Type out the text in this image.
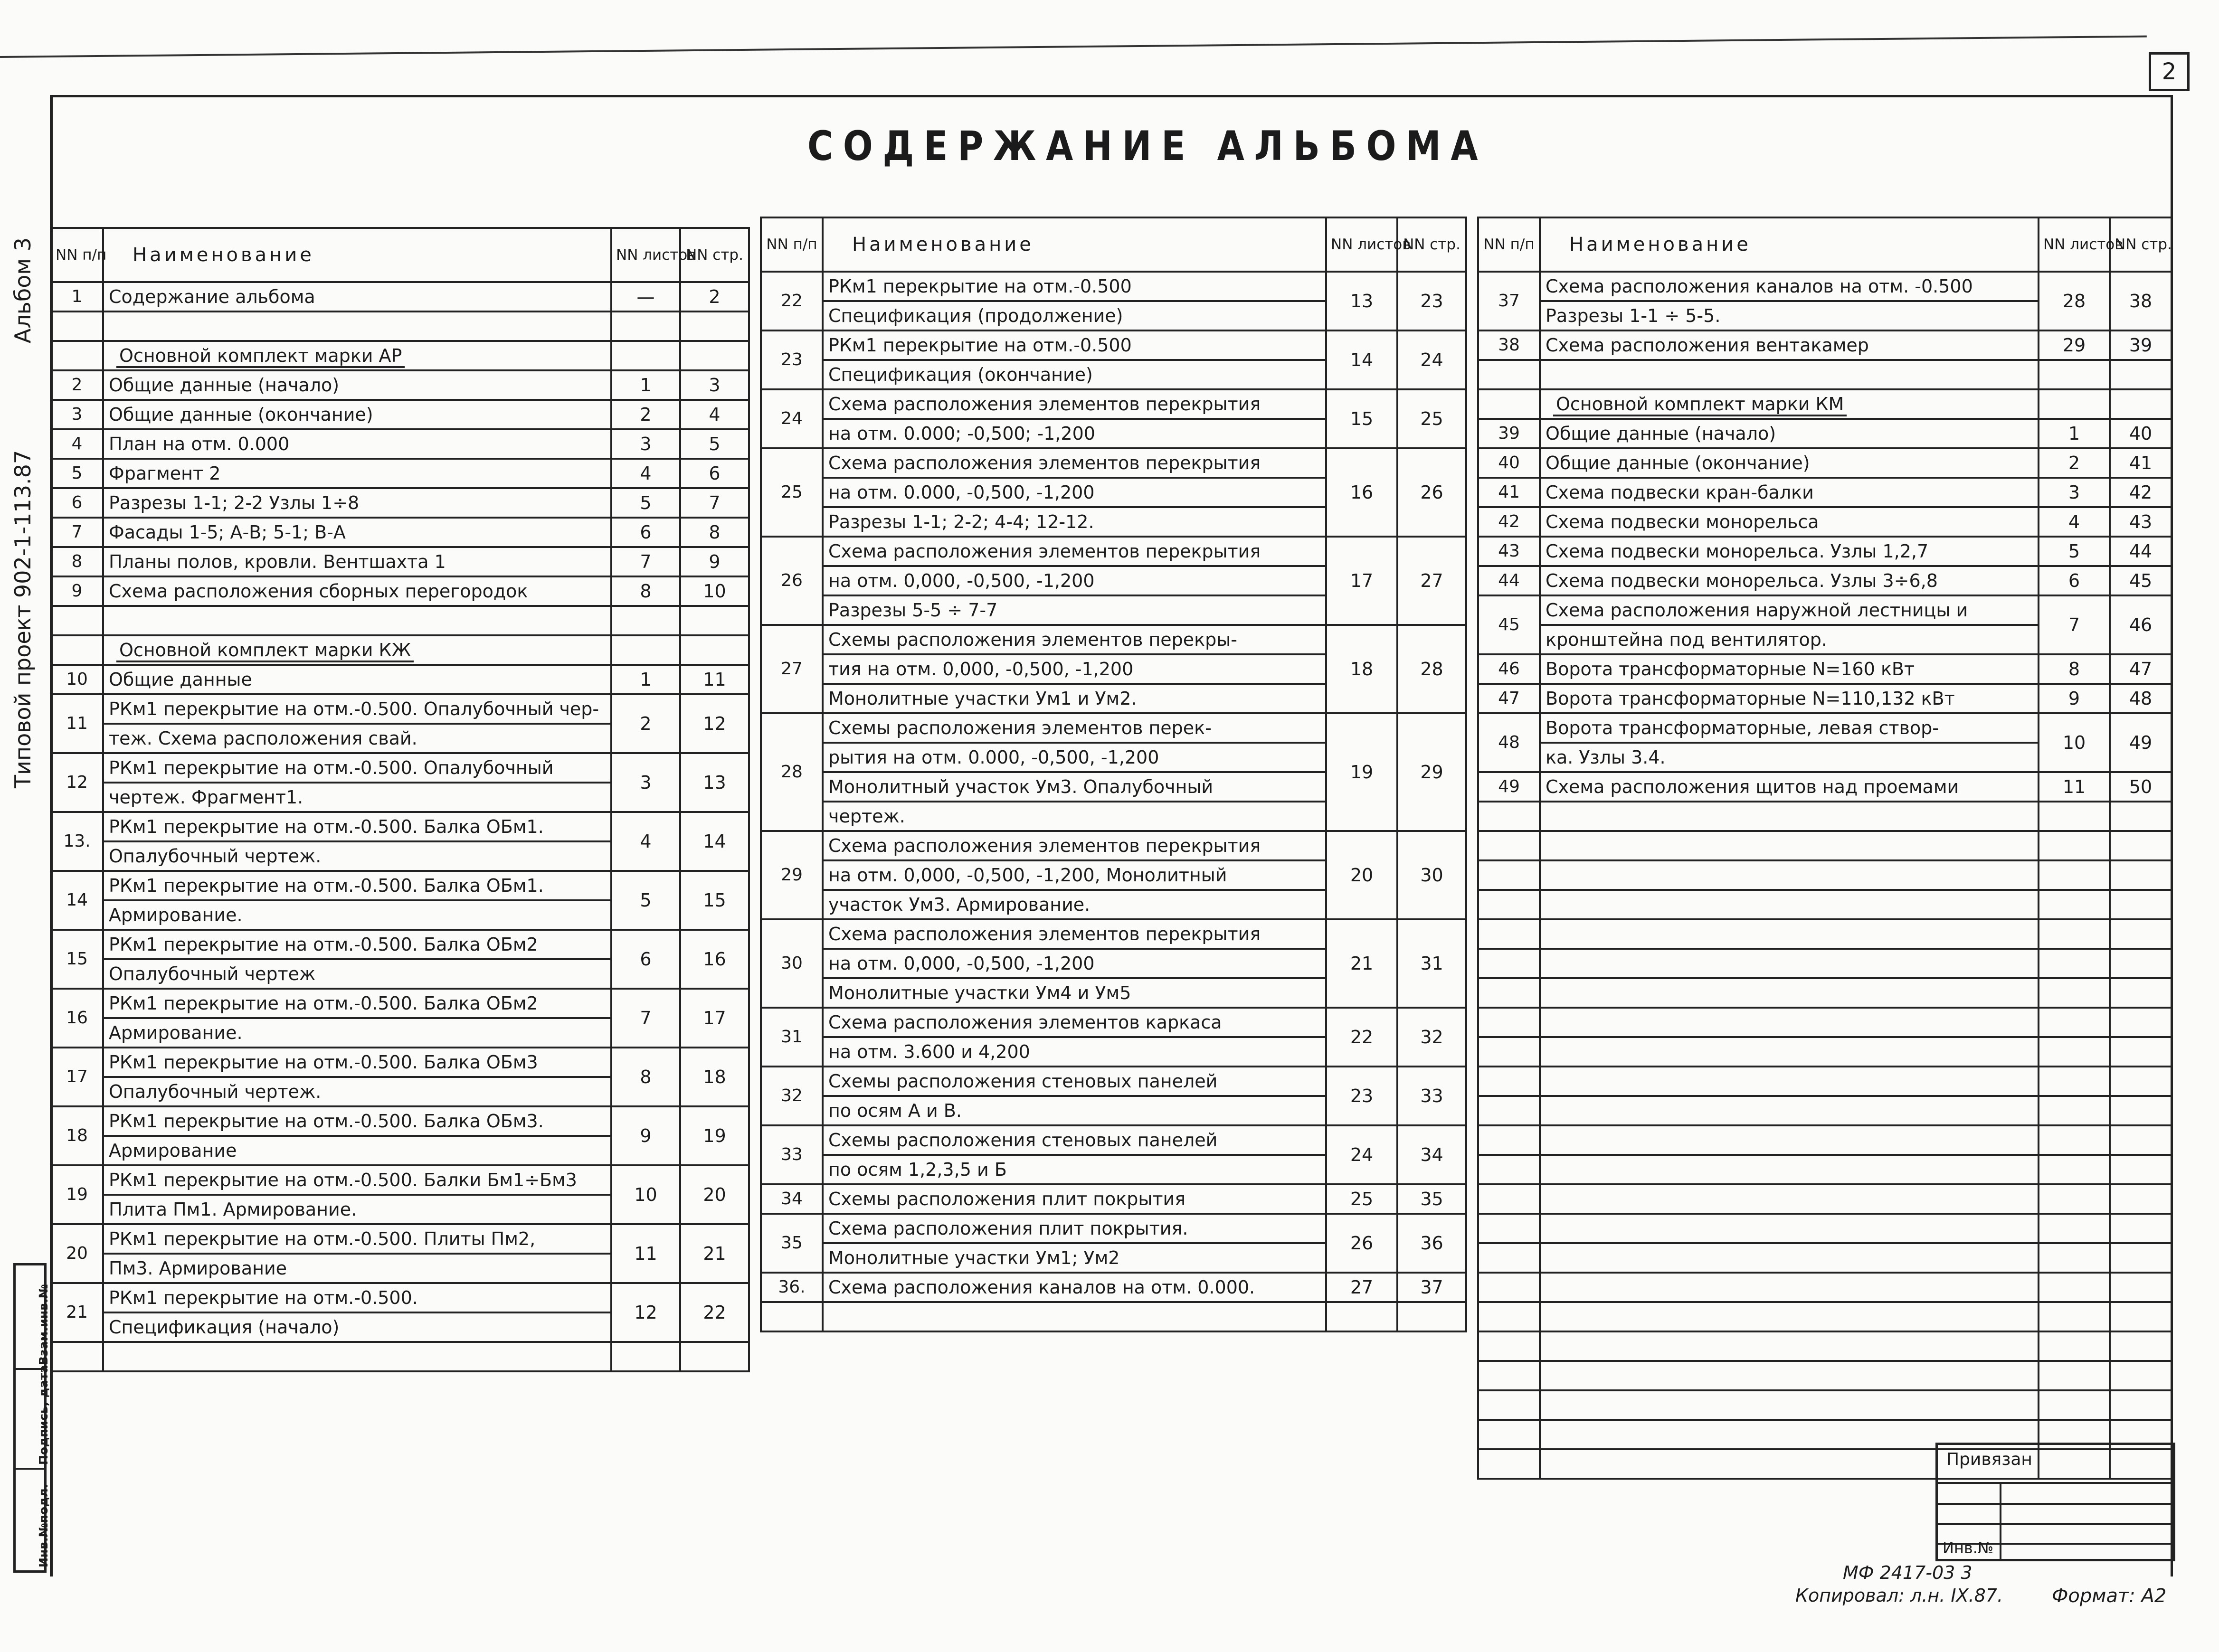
2
СОДЕРЖАНИЕ АЛЬБОМА
Типовой проект 902-1-113.87
Альбом 3
Взам.инв.№
Подпись, дата
Инв.№подл.
NN п/п	Наименование	NN листов	NN стр.
1	Содержание альбома	—	2

	Основной комплект марки АР		
2	Общие данные (начало)	1	3
3	Общие данные (окончание)	2	4
4	План на отм. 0.000	3	5
5	Фрагмент 2	4	6
6	Разрезы 1-1; 2-2 Узлы 1÷8	5	7
7	Фасады 1-5; А-В; 5-1; В-А	6	8
8	Планы полов, кровли. Вентшахта 1	7	9
9	Схема расположения сборных перегородок	8	10

	Основной комплект марки КЖ		
10	Общие данные	1	11
11	РКм1 перекрытие на отм.-0.500. Опалубочный чер-	2	12
	теж. Схема расположения свай.		
12	РКм1 перекрытие на отм.-0.500. Опалубочный	3	13
	чертеж. Фрагмент1.		
13.	РКм1 перекрытие на отм.-0.500. Балка ОБм1.	4	14
	Опалубочный чертеж.		
14	РКм1 перекрытие на отм.-0.500. Балка ОБм1.	5	15
	Армирование.		
15	РКм1 перекрытие на отм.-0.500. Балка ОБм2	6	16
	Опалубочный чертеж		
16	РКм1 перекрытие на отм.-0.500. Балка ОБм2	7	17
	Армирование.		
17	РКм1 перекрытие на отм.-0.500. Балка ОБм3	8	18
	Опалубочный чертеж.		
18	РКм1 перекрытие на отм.-0.500. Балка ОБм3.	9	19
	Армирование		
19	РКм1 перекрытие на отм.-0.500. Балки Бм1÷Бм3	10	20
	Плита Пм1. Армирование.		
20	РКм1 перекрытие на отм.-0.500. Плиты Пм2,	11	21
	Пм3. Армирование		
21	РКм1 перекрытие на отм.-0.500.	12	22
	Спецификация (начало)		

NN п/п	Наименование	NN листов	NN стр.
22	РКм1 перекрытие на отм.-0.500	13	23
	Спецификация (продолжение)		
23	РКм1 перекрытие на отм.-0.500	14	24
	Спецификация (окончание)		
24	Схема расположения элементов перекрытия	15	25
	на отм. 0.000; -0,500; -1,200		
25	Схема расположения элементов перекрытия	16	26
	на отм. 0.000, -0,500, -1,200		
	Разрезы 1-1; 2-2; 4-4; 12-12.		
26	Схема расположения элементов перекрытия	17	27
	на отм. 0,000, -0,500, -1,200		
	Разрезы 5-5 ÷ 7-7		
27	Схемы расположения элементов перекры-	18	28
	тия на отм. 0,000, -0,500, -1,200		
	Монолитные участки Ум1 и Ум2.		
28	Схемы расположения элементов перек-	19	29
	рытия на отм. 0.000, -0,500, -1,200		
	Монолитный участок Ум3. Опалубочный		
	чертеж.		
29	Схема расположения элементов перекрытия	20	30
	на отм. 0,000, -0,500, -1,200, Монолитный		
	участок Ум3. Армирование.		
30	Схема расположения элементов перекрытия	21	31
	на отм. 0,000, -0,500, -1,200		
	Монолитные участки Ум4 и Ум5		
31	Схема расположения элементов каркаса	22	32
	на отм. 3.600 и 4,200		
32	Схемы расположения стеновых панелей	23	33
	по осям А и В.		
33	Схемы расположения стеновых панелей	24	34
	по осям 1,2,3,5 и Б		
34	Схемы расположения плит покрытия	25	35
35	Схема расположения плит покрытия.	26	36
	Монолитные участки Ум1; Ум2		
36.	Схема расположения каналов на отм. 0.000.	27	37

NN п/п	Наименование	NN листов	NN стр.
37	Схема расположения каналов на отм. -0.500	28	38
	Разрезы 1-1 ÷ 5-5.		
38	Схема расположения вентакамер	29	39

	Основной комплект марки КМ		
39	Общие данные (начало)	1	40
40	Общие данные (окончание)	2	41
41	Схема подвески кран-балки	3	42
42	Схема подвески монорельса	4	43
43	Схема подвески монорельса. Узлы 1,2,7	5	44
44	Схема подвески монорельса. Узлы 3÷6,8	6	45
45	Схема расположения наружной лестницы и	7	46
	кронштейна под вентилятор.		
46	Ворота трансформаторные N=160 кВт	8	47
47	Ворота трансформаторные N=110,132 кВт	9	48
48	Ворота трансформаторные, левая створ-	10	49
	ка. Узлы 3.4.		
49	Схема расположения щитов над проемами	11	50

Привязан
Инв.№
МФ 2417-03 3
Копировал: л.н. IX.87.	Формат: А2
